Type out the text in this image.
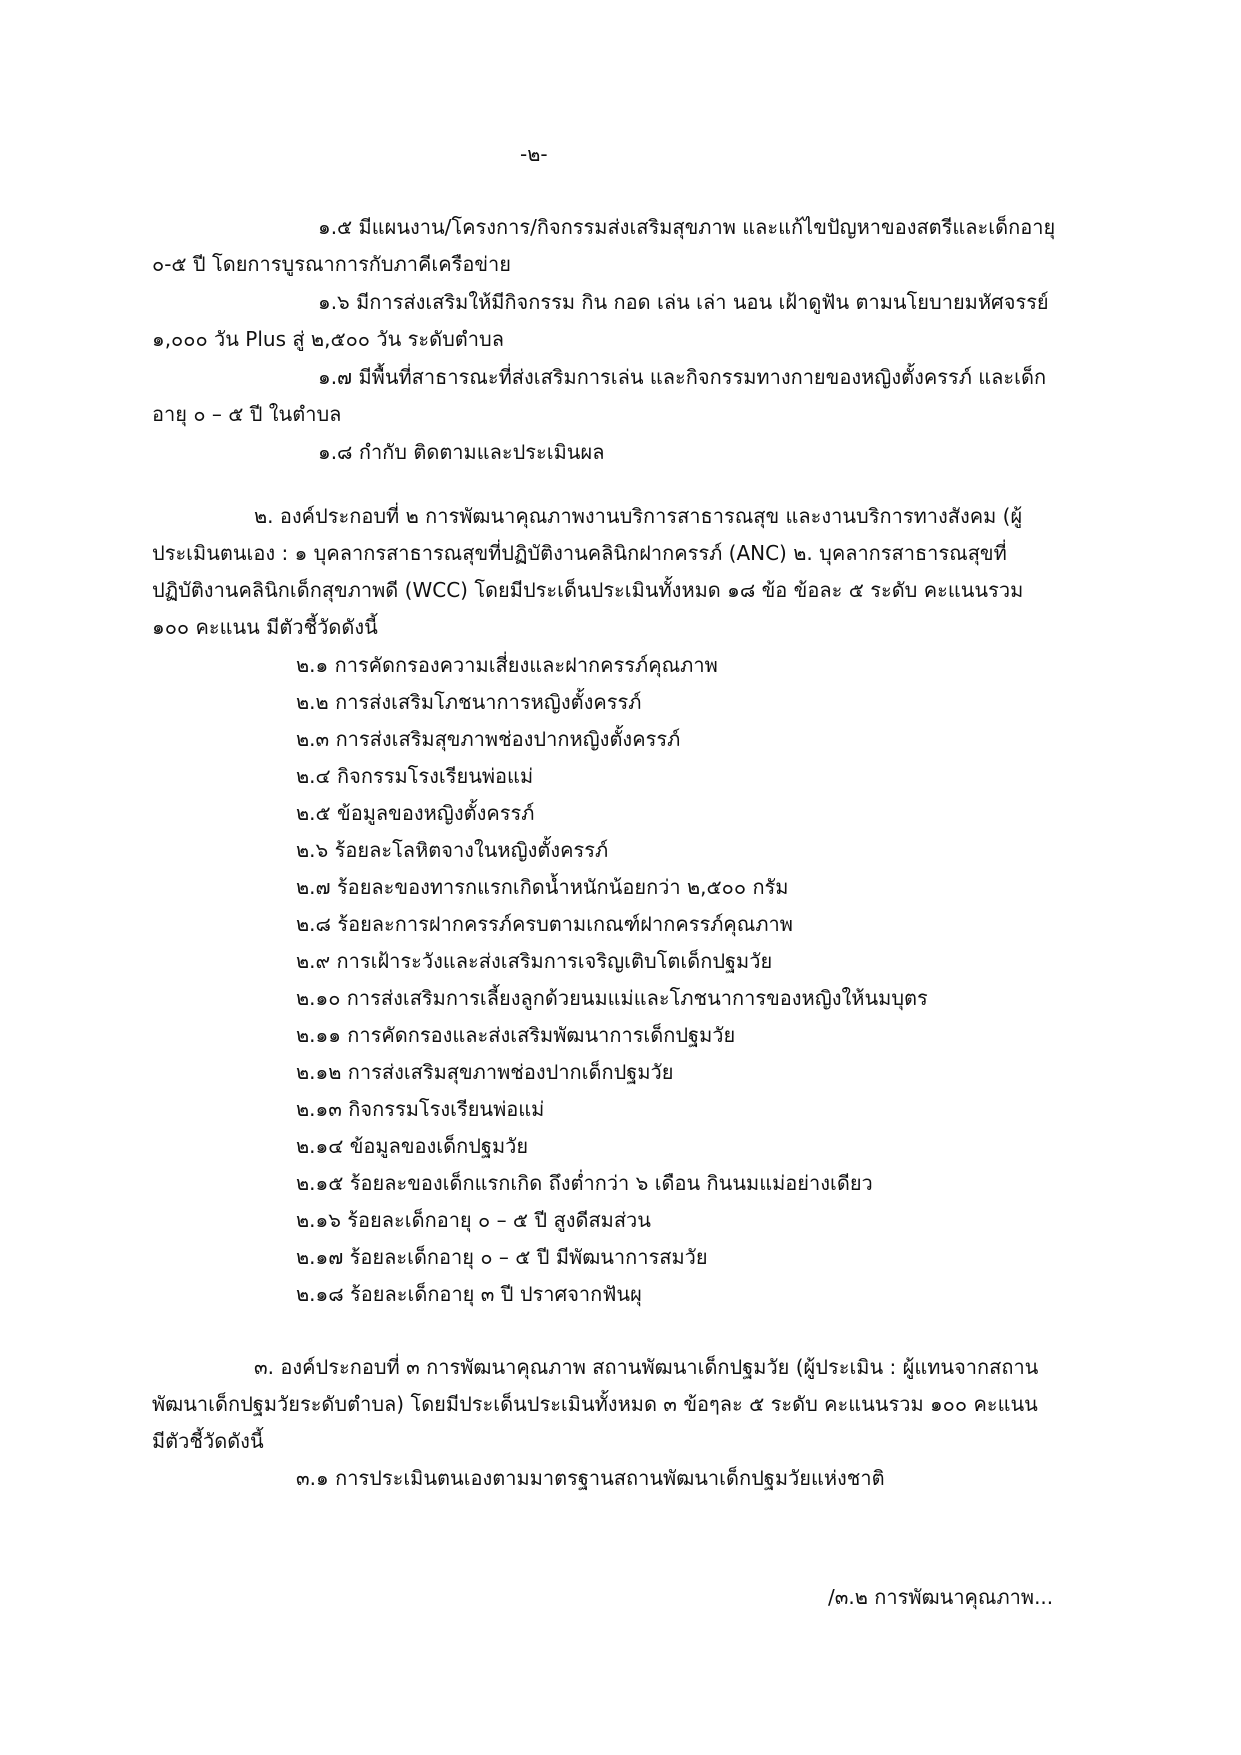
-๒-
๑.๕ มีแผนงาน/โครงการ/กิจกรรมส่งเสริมสุขภาพ และแก้ไขปัญหาของสตรีและเด็กอายุ
๐-๕ ปี โดยการบูรณาการกับภาคีเครือข่าย
๑.๖ มีการส่งเสริมให้มีกิจกรรม กิน กอด เล่น เล่า นอน เฝ้าดูฟัน ตามนโยบายมหัศจรรย์
๑,๐๐๐ วัน Plus สู่ ๒,๕๐๐ วัน ระดับตำบล
๑.๗ มีพื้นที่สาธารณะที่ส่งเสริมการเล่น และกิจกรรมทางกายของหญิงตั้งครรภ์ และเด็ก
อายุ ๐ – ๕ ปี ในตำบล
๑.๘ กำกับ ติดตามและประเมินผล
๒. องค์ประกอบที่ ๒ การพัฒนาคุณภาพงานบริการสาธารณสุข และงานบริการทางสังคม (ผู้
ประเมินตนเอง : ๑ บุคลากรสาธารณสุขที่ปฏิบัติงานคลินิกฝากครรภ์ (ANC) ๒. บุคลากรสาธารณสุขที่
ปฏิบัติงานคลินิกเด็กสุขภาพดี (WCC) โดยมีประเด็นประเมินทั้งหมด ๑๘ ข้อ ข้อละ ๕ ระดับ คะแนนรวม
๑๐๐ คะแนน มีตัวชี้วัดดังนี้
๒.๑ การคัดกรองความเสี่ยงและฝากครรภ์คุณภาพ
๒.๒ การส่งเสริมโภชนาการหญิงตั้งครรภ์
๒.๓ การส่งเสริมสุขภาพช่องปากหญิงตั้งครรภ์
๒.๔ กิจกรรมโรงเรียนพ่อแม่
๒.๕ ข้อมูลของหญิงตั้งครรภ์
๒.๖ ร้อยละโลหิตจางในหญิงตั้งครรภ์
๒.๗ ร้อยละของทารกแรกเกิดน้ำหนักน้อยกว่า ๒,๕๐๐ กรัม
๒.๘ ร้อยละการฝากครรภ์ครบตามเกณฑ์ฝากครรภ์คุณภาพ
๒.๙ การเฝ้าระวังและส่งเสริมการเจริญเติบโตเด็กปฐมวัย
๒.๑๐ การส่งเสริมการเลี้ยงลูกด้วยนมแม่และโภชนาการของหญิงให้นมบุตร
๒.๑๑ การคัดกรองและส่งเสริมพัฒนาการเด็กปฐมวัย
๒.๑๒ การส่งเสริมสุขภาพช่องปากเด็กปฐมวัย
๒.๑๓ กิจกรรมโรงเรียนพ่อแม่
๒.๑๔ ข้อมูลของเด็กปฐมวัย
๒.๑๕ ร้อยละของเด็กแรกเกิด ถึงต่ำกว่า ๖ เดือน กินนมแม่อย่างเดียว
๒.๑๖ ร้อยละเด็กอายุ ๐ – ๕ ปี สูงดีสมส่วน
๒.๑๗ ร้อยละเด็กอายุ ๐ – ๕ ปี มีพัฒนาการสมวัย
๒.๑๘ ร้อยละเด็กอายุ ๓ ปี ปราศจากฟันผุ
๓. องค์ประกอบที่ ๓ การพัฒนาคุณภาพ สถานพัฒนาเด็กปฐมวัย (ผู้ประเมิน : ผู้แทนจากสถาน
พัฒนาเด็กปฐมวัยระดับตำบล) โดยมีประเด็นประเมินทั้งหมด ๓ ข้อๆละ ๕ ระดับ คะแนนรวม ๑๐๐ คะแนน
มีตัวชี้วัดดังนี้
๓.๑ การประเมินตนเองตามมาตรฐานสถานพัฒนาเด็กปฐมวัยแห่งชาติ
/๓.๒ การพัฒนาคุณภาพ...
